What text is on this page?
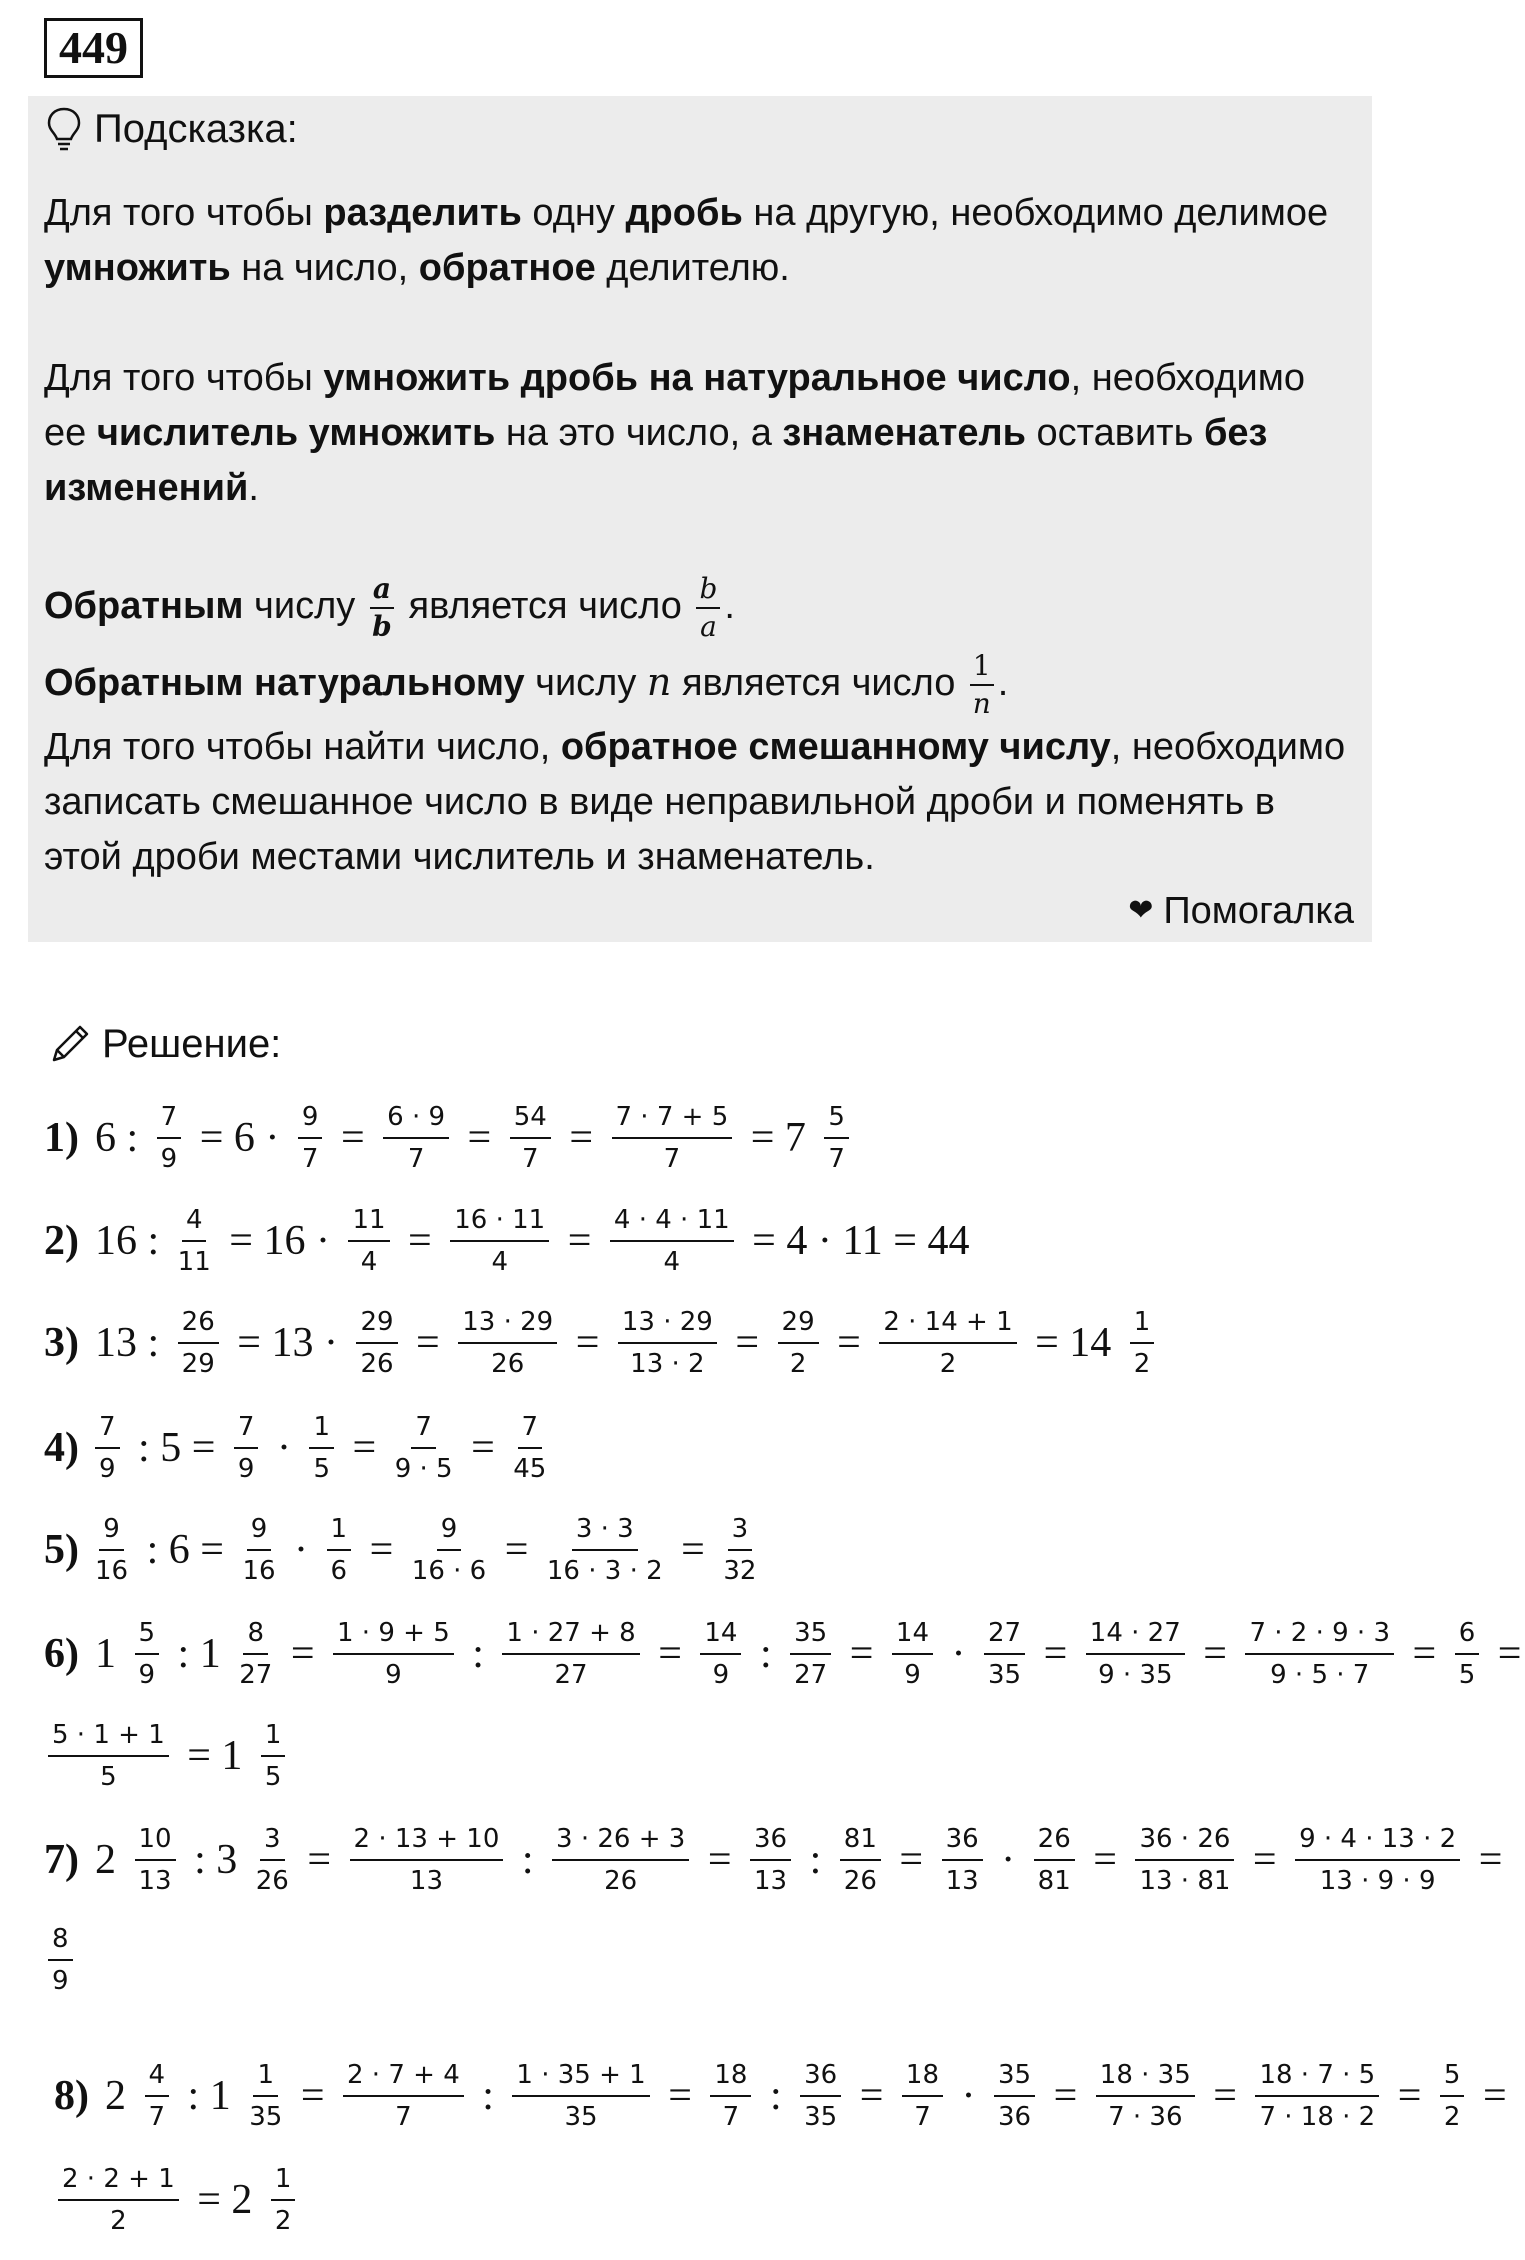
449
Подсказка:

Для того чтобы разделить одну дробь на другую, необходимо делимое умножить на число, обратное делителю.

Для того чтобы умножить дробь на натуральное число, необходимо ее числитель умножить на это число, а знаменатель оставить без изменений.

Обратным числу $\frac{a}{b}$ является число $\frac{b}{a}$ .

Обратным натуральному числу n является число $\frac{1}{n}$ .

Для того чтобы найти число, обратное смешанному числу, необходимо записать смешанное число в виде неправильной дроби и поменять в этой дроби местами числитель и знаменатель.

❤ Помогалка
Решение:
1) 6 : $\frac{7}{9} = 6 \cdot \frac{9}{7} = \frac{6 \cdot 9}{7} = \frac{54}{7} = \frac{7 \cdot 7 + 5}{7} = 7 \frac{5}{7}$
2) 16 : $\frac{4}{11} = 16 \cdot \frac{11}{4} = \frac{16 \cdot 11}{4} = \frac{4 \cdot 4 \cdot 11}{4} = 4 \cdot 11 = 44$
3) 13 : $\frac{26}{29} = 13 \cdot \frac{29}{26} = \frac{13 \cdot 29}{26} = \frac{13 \cdot 29}{13 \cdot 2} = \frac{29}{2} = \frac{2 \cdot 14 + 1}{2} = 14 \frac{1}{2}$
$4) \frac{7}{9}$ : $5 = \frac{7}{9} \cdot \frac{1}{5} = \frac{7}{9 \cdot 5} = \frac{7}{45}$
$5) \frac{9}{16}$ : $6 = \frac{9}{16} \cdot \frac{1}{6} = \frac{9}{16 \cdot 6} = \frac{3 \cdot 3}{16 \cdot 3 \cdot 2} = \frac{3}{32}$
6) $1 \frac{5}{9}$ : $1 \frac{8}{27} = \frac{1 \cdot 9 + 5}{9}$ : $\frac{1 \cdot 27 + 8}{27} = \frac{14}{9}$ : $\frac{35}{27} = \frac{14}{9} \cdot \frac{27}{35} = \frac{14 \cdot 27}{9 \cdot 35} = \frac{7 \cdot 2 \cdot 9 \cdot 3}{9 \cdot 5 \cdot 7} = \frac{6}{5}$ =
$\frac{5 \cdot 1 + 1}{5} = 1 \frac{1}{5}$
7) $2 \frac{10}{13}$ : $3 \frac{3}{26} = \frac{2 \cdot 13 + 10}{13}$ : $\frac{3 \cdot 26 + 3}{26} = \frac{36}{13}$ : $\frac{81}{26} = \frac{36}{13} \cdot \frac{26}{81} = \frac{36 \cdot 26}{13 \cdot 81} = \frac{9 \cdot 4 \cdot 13 \cdot 2}{13 \cdot 9 \cdot 9}$ =
$\frac{8}{9}$
8) $2 \frac{4}{7}$ : $1 \frac{1}{35} = \frac{2 \cdot 7 + 4}{7}$ : $\frac{1 \cdot 35 + 1}{35} = \frac{18}{7}$ : $\frac{36}{35} = \frac{18}{7} \cdot \frac{35}{36} = \frac{18 \cdot 35}{7 \cdot 36} = \frac{18 \cdot 7 \cdot 5}{7 \cdot 18 \cdot 2} = \frac{5}{2}$ =
$\frac{2 \cdot 2 + 1}{2} = 2 \frac{1}{2}$
